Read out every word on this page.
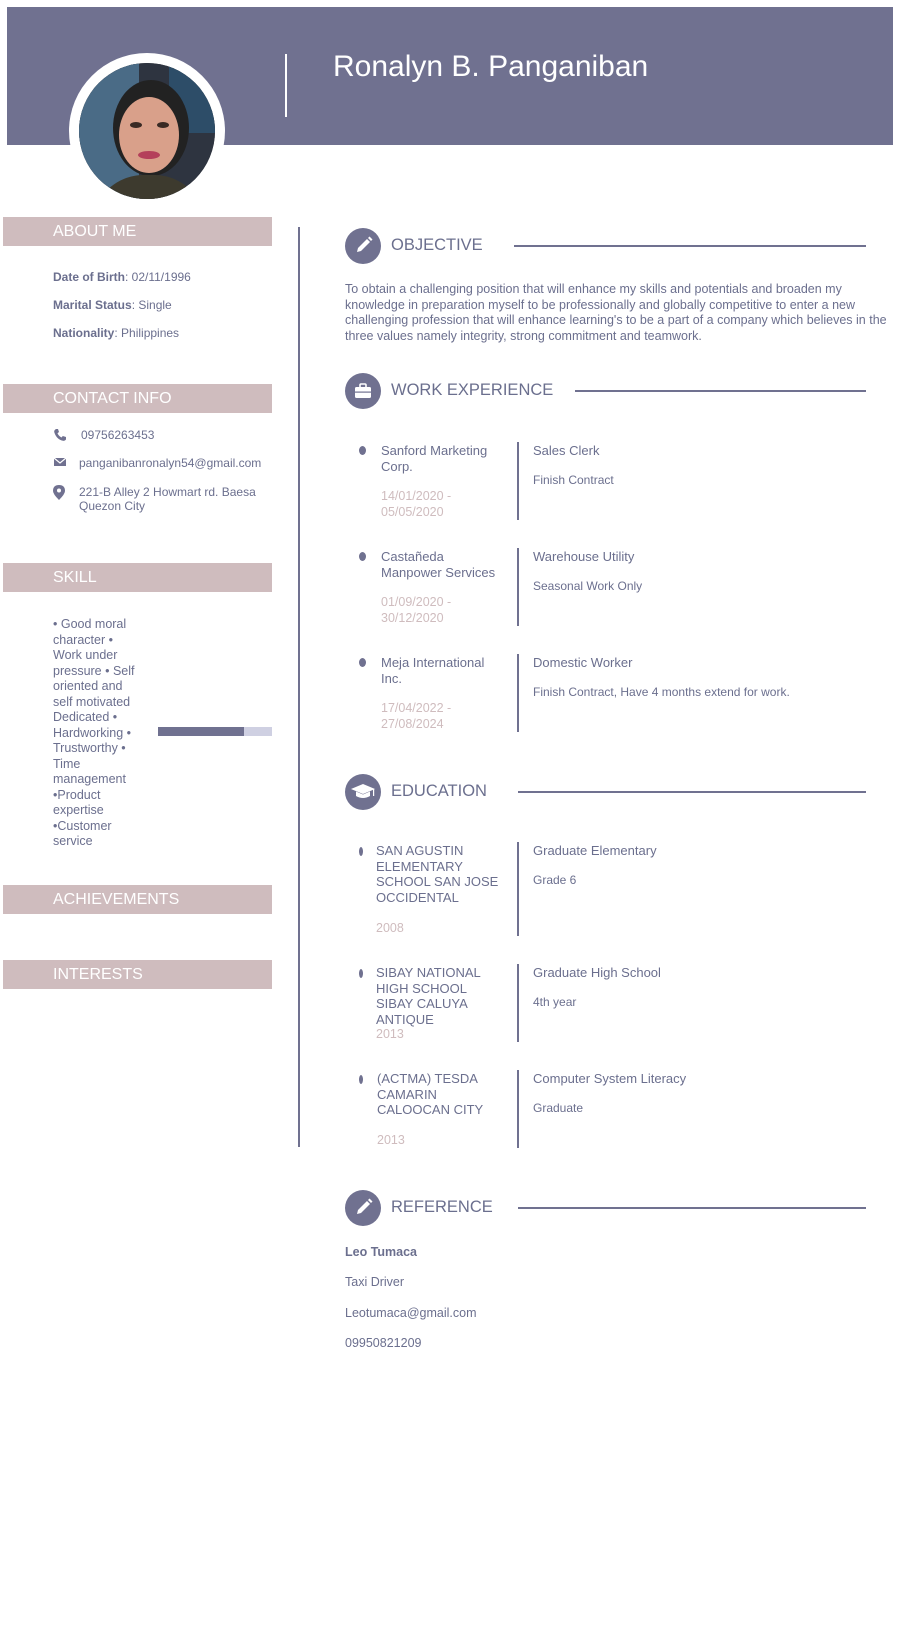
Ronalyn B. Panganiban
ABOUT ME
Date of Birth: 02/11/1996
Marital Status: Single
Nationality: Philippines
CONTACT INFO
09756263453
panganibanronalyn54@gmail.com
221-B Alley 2 Howmart rd. Baesa Quezon City
SKILL
• Good moral character • Work under pressure • Self oriented and self motivated Dedicated • Hardworking • Trustworthy • Time management •Product expertise •Customer service
ACHIEVEMENTS
INTERESTS
OBJECTIVE
To obtain a challenging position that will enhance my skills and potentials and broaden my knowledge in preparation myself to be professionally and globally competitive to enter a new challenging profession that will enhance learning's to be a part of a company which believes in the three values namely integrity, strong commitment and teamwork.
WORK EXPERIENCE
Sanford Marketing Corp.
14/01/2020 - 05/05/2020
Sales Clerk
Finish Contract
Castañeda Manpower Services
01/09/2020 - 30/12/2020
Warehouse Utility
Seasonal Work Only
Meja International Inc.
17/04/2022 - 27/08/2024
Domestic Worker
Finish Contract, Have 4 months extend for work.
EDUCATION
SAN AGUSTIN ELEMENTARY SCHOOL SAN JOSE OCCIDENTAL
2008
Graduate Elementary
Grade 6
SIBAY NATIONAL HIGH SCHOOL SIBAY CALUYA ANTIQUE
2013
Graduate High School
4th year
(ACTMA) TESDA CAMARIN CALOOCAN CITY
2013
Computer System Literacy
Graduate
REFERENCE
Leo Tumaca
Taxi Driver
Leotumaca@gmail.com
09950821209
